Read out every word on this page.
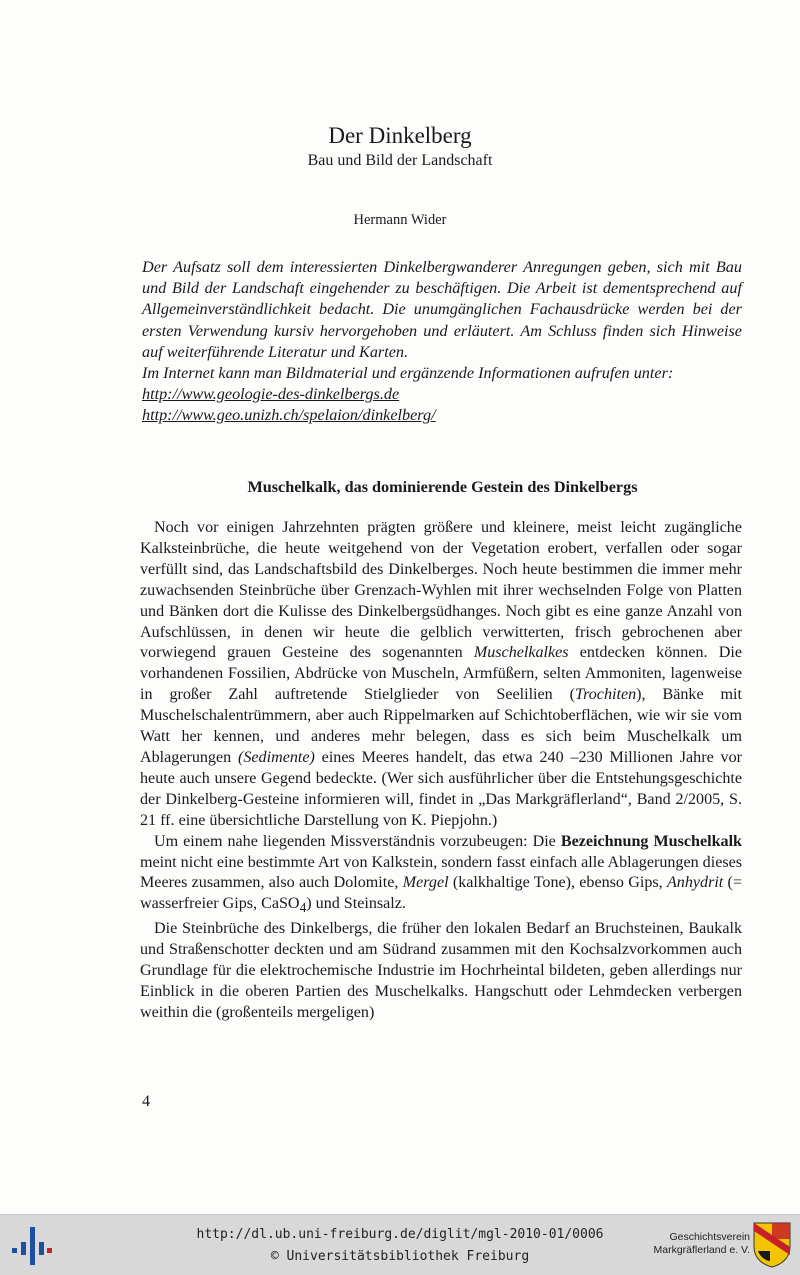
Der Dinkelberg
Bau und Bild der Landschaft
Hermann Wider

Der Aufsatz soll dem interessierten Dinkelbergwanderer Anregungen geben, sich mit Bau und Bild der Landschaft eingehender zu beschäftigen. Die Arbeit ist dementsprechend auf Allgemeinverständlichkeit bedacht. Die unumgänglichen Fachausdrücke werden bei der ersten Verwendung kursiv hervorgehoben und erläutert. Am Schluss finden sich Hinweise auf weiterführende Literatur und Karten.

Im Internet kann man Bildmaterial und ergänzende Informationen aufrufen unter:

http://www.geologie-des-dinkelbergs.de
http://www.geo.unizh.ch/spelaion/dinkelberg/
Muschelkalk, das dominierende Gestein des Dinkelbergs

Noch vor einigen Jahrzehnten prägten größere und kleinere, meist leicht zugängliche Kalksteinbrüche, die heute weitgehend von der Vegetation erobert, verfallen oder sogar verfüllt sind, das Landschaftsbild des Dinkelberges. Noch heute bestimmen die immer mehr zuwachsenden Steinbrüche über Grenzach-Wyhlen mit ihrer wechselnden Folge von Platten und Bänken dort die Kulisse des Dinkelbergsüdhanges. Noch gibt es eine ganze Anzahl von Aufschlüssen, in denen wir heute die gelblich verwitterten, frisch gebrochenen aber vorwiegend grauen Gesteine des sogenannten Muschelkalkes entdecken können. Die vorhandenen Fossilien, Abdrücke von Muscheln, Armfüßern, selten Ammoniten, lagenweise in großer Zahl auftretende Stielglieder von Seelilien (Trochiten), Bänke mit Muschelschalentrümmern, aber auch Rippelmarken auf Schichtoberflächen, wie wir sie vom Watt her kennen, und anderes mehr belegen, dass es sich beim Muschelkalk um Ablagerungen (Sedimente) eines Meeres handelt, das etwa 240 –230 Millionen Jahre vor heute auch unsere Gegend bedeckte. (Wer sich ausführlicher über die Entstehungsgeschichte der Dinkelberg-Gesteine informieren will, findet in „Das Markgräflerland“, Band 2/2005, S. 21 ff. eine übersichtliche Darstellung von K. Piepjohn.)

Um einem nahe liegenden Missverständnis vorzubeugen: Die Bezeichnung Muschelkalk meint nicht eine bestimmte Art von Kalkstein, sondern fasst einfach alle Ablagerungen dieses Meeres zusammen, also auch Dolomite, Mergel (kalkhaltige Tone), ebenso Gips, Anhydrit (= wasserfreier Gips, CaSO$_4$) und Steinsalz.

Die Steinbrüche des Dinkelbergs, die früher den lokalen Bedarf an Bruchsteinen, Baukalk und Straßenschotter deckten und am Südrand zusammen mit den Kochsalzvorkommen auch Grundlage für die elektrochemische Industrie im Hochrheintal bildeten, geben allerdings nur Einblick in die oberen Partien des Muschelkalks. Hangschutt oder Lehmdecken verbergen weithin die (großenteils mergeligen)

4
http://dl.ub.uni-freiburg.de/diglit/mgl-2010-01/0006
© Universitätsbibliothek Freiburg
Geschichtsverein
Markgräflerland e. V.
